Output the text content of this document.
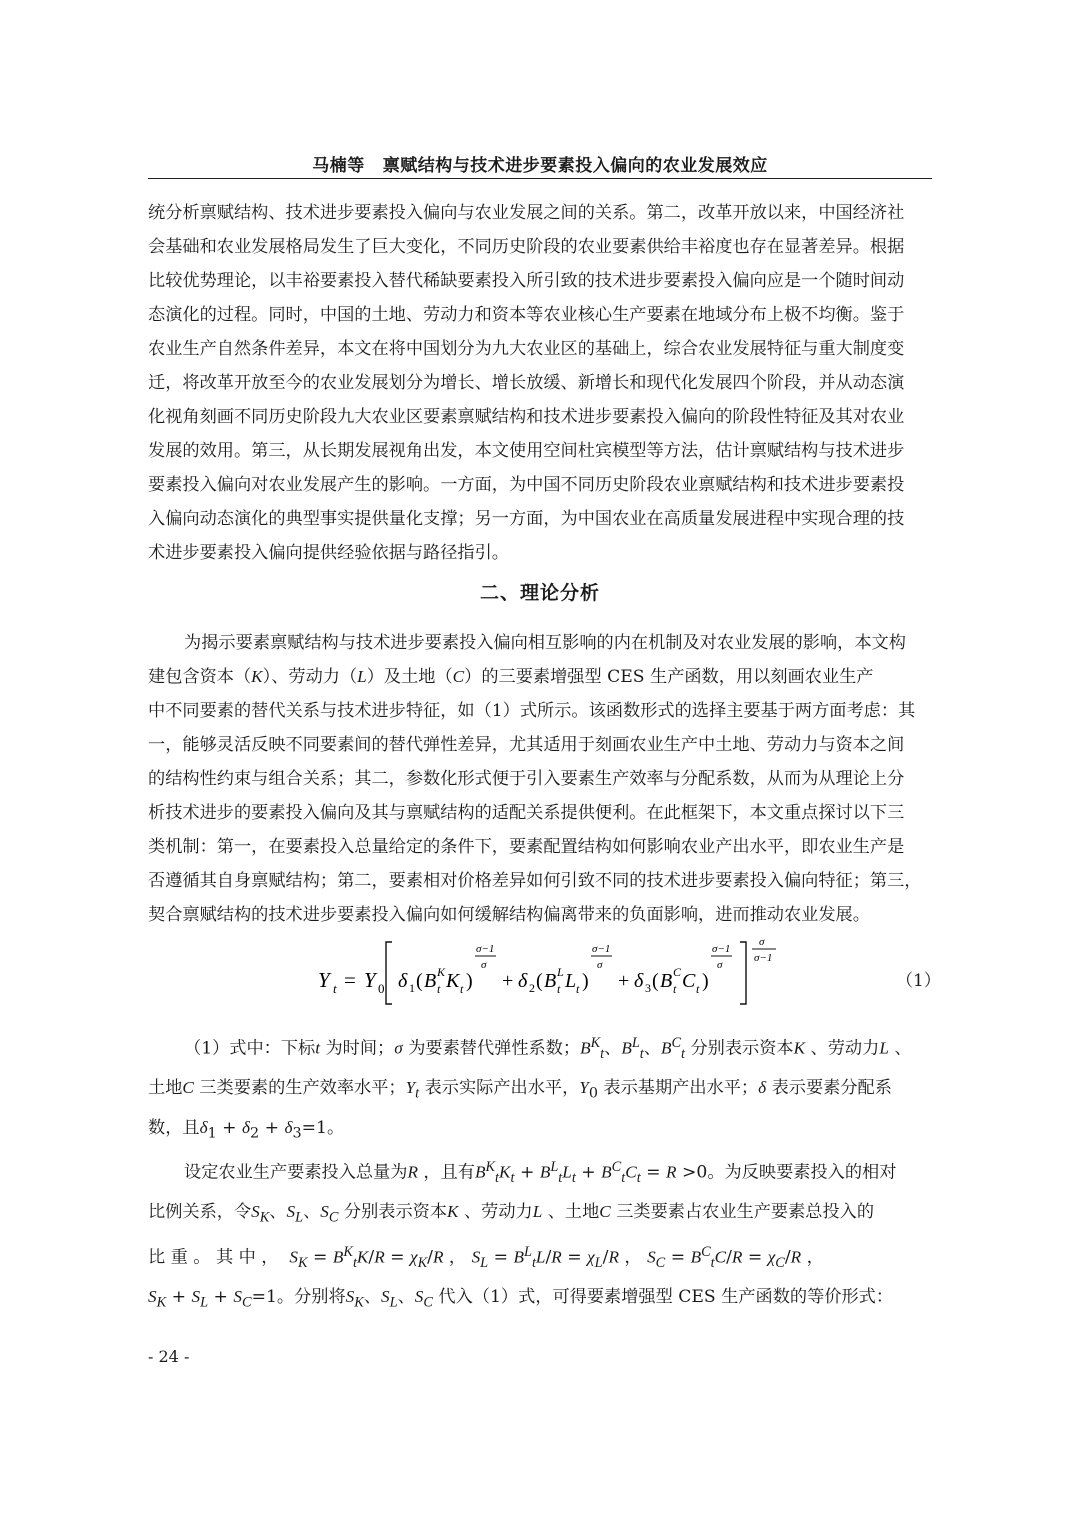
马楠等 禀赋结构与技术进步要素投入偏向的农业发展效应

统分析禀赋结构、技术进步要素投入偏向与农业发展之间的关系。第二，改革开放以来，中国经济社

会基础和农业发展格局发生了巨大变化，不同历史阶段的农业要素供给丰裕度也存在显著差异。根据

比较优势理论，以丰裕要素投入替代稀缺要素投入所引致的技术进步要素投入偏向应是一个随时间动

态演化的过程。同时，中国的土地、劳动力和资本等农业核心生产要素在地域分布上极不均衡。鉴于

农业生产自然条件差异，本文在将中国划分为九大农业区的基础上，综合农业发展特征与重大制度变

迁，将改革开放至今的农业发展划分为增长、增长放缓、新增长和现代化发展四个阶段，并从动态演

化视角刻画不同历史阶段九大农业区要素禀赋结构和技术进步要素投入偏向的阶段性特征及其对农业

发展的效用。第三，从长期发展视角出发，本文使用空间杜宾模型等方法，估计禀赋结构与技术进步

要素投入偏向对农业发展产生的影响。一方面，为中国不同历史阶段农业禀赋结构和技术进步要素投

入偏向动态演化的典型事实提供量化支撑；另一方面，为中国农业在高质量发展进程中实现合理的技

术进步要素投入偏向提供经验依据与路径指引。

二、理论分析

为揭示要素禀赋结构与技术进步要素投入偏向相互影响的内在机制及对农业发展的影响，本文构

建包含资本（K）、劳动力（L）及土地（C）的三要素增强型 CES 生产函数，用以刻画农业生产

中不同要素的替代关系与技术进步特征，如（1）式所示。该函数形式的选择主要基于两方面考虑：其

一，能够灵活反映不同要素间的替代弹性差异，尤其适用于刻画农业生产中土地、劳动力与资本之间

的结构性约束与组合关系；其二，参数化形式便于引入要素生产效率与分配系数，从而为从理论上分

析技术进步的要素投入偏向及其与禀赋结构的适配关系提供便利。在此框架下，本文重点探讨以下三

类机制：第一，在要素投入总量给定的条件下，要素配置结构如何影响农业产出水平，即农业生产是

否遵循其自身禀赋结构；第二，要素相对价格差异如何引致不同的技术进步要素投入偏向特征；第三，

契合禀赋结构的技术进步要素投入偏向如何缓解结构偏离带来的负面影响，进而推动农业发展。

Y t = Y 0 δ 1 ( B K
t K t )
σ−1
σ
+ δ 2 ( B L
t L t )
σ−1
σ
+ δ 3 ( B C
t C t )
σ−1
σ
σ
σ−1
（1）

（1）式中：下标t 为时间；σ 为要素替代弹性系数；$B^K_t$、$B^L_t$、$B^C_t$ 分别表示资本K 、劳动力L 、

土地C 三类要素的生产效率水平；$Y_t$ 表示实际产出水平，$Y_0$ 表示基期产出水平；δ 表示要素分配系

数，且$\delta_1 + \delta_2 + \delta_3=1$。

设定农业生产要素投入总量为R ，且有$B^K_tK_t + B^L_tL_t + B^C_tC_t = R >0$。为反映要素投入的相对

比例关系，令$S_K$、$S_L$、$S_C$ 分别表示资本K 、劳动力L 、土地C 三类要素占农业生产要素总投入的

比 重 。 其 中 ， $S_K = B^K_tK/R = \chi_K/R$ ， $S_L = B^L_tL/R = \chi_L/R$ ， $S_C = B^C_tC/R = \chi_C/R$ ，

$S_K + S_L + S_C=1$。分别将$S_K$、$S_L$、$S_C$ 代入（1）式，可得要素增强型 CES 生产函数的等价形式：

- 24 -
